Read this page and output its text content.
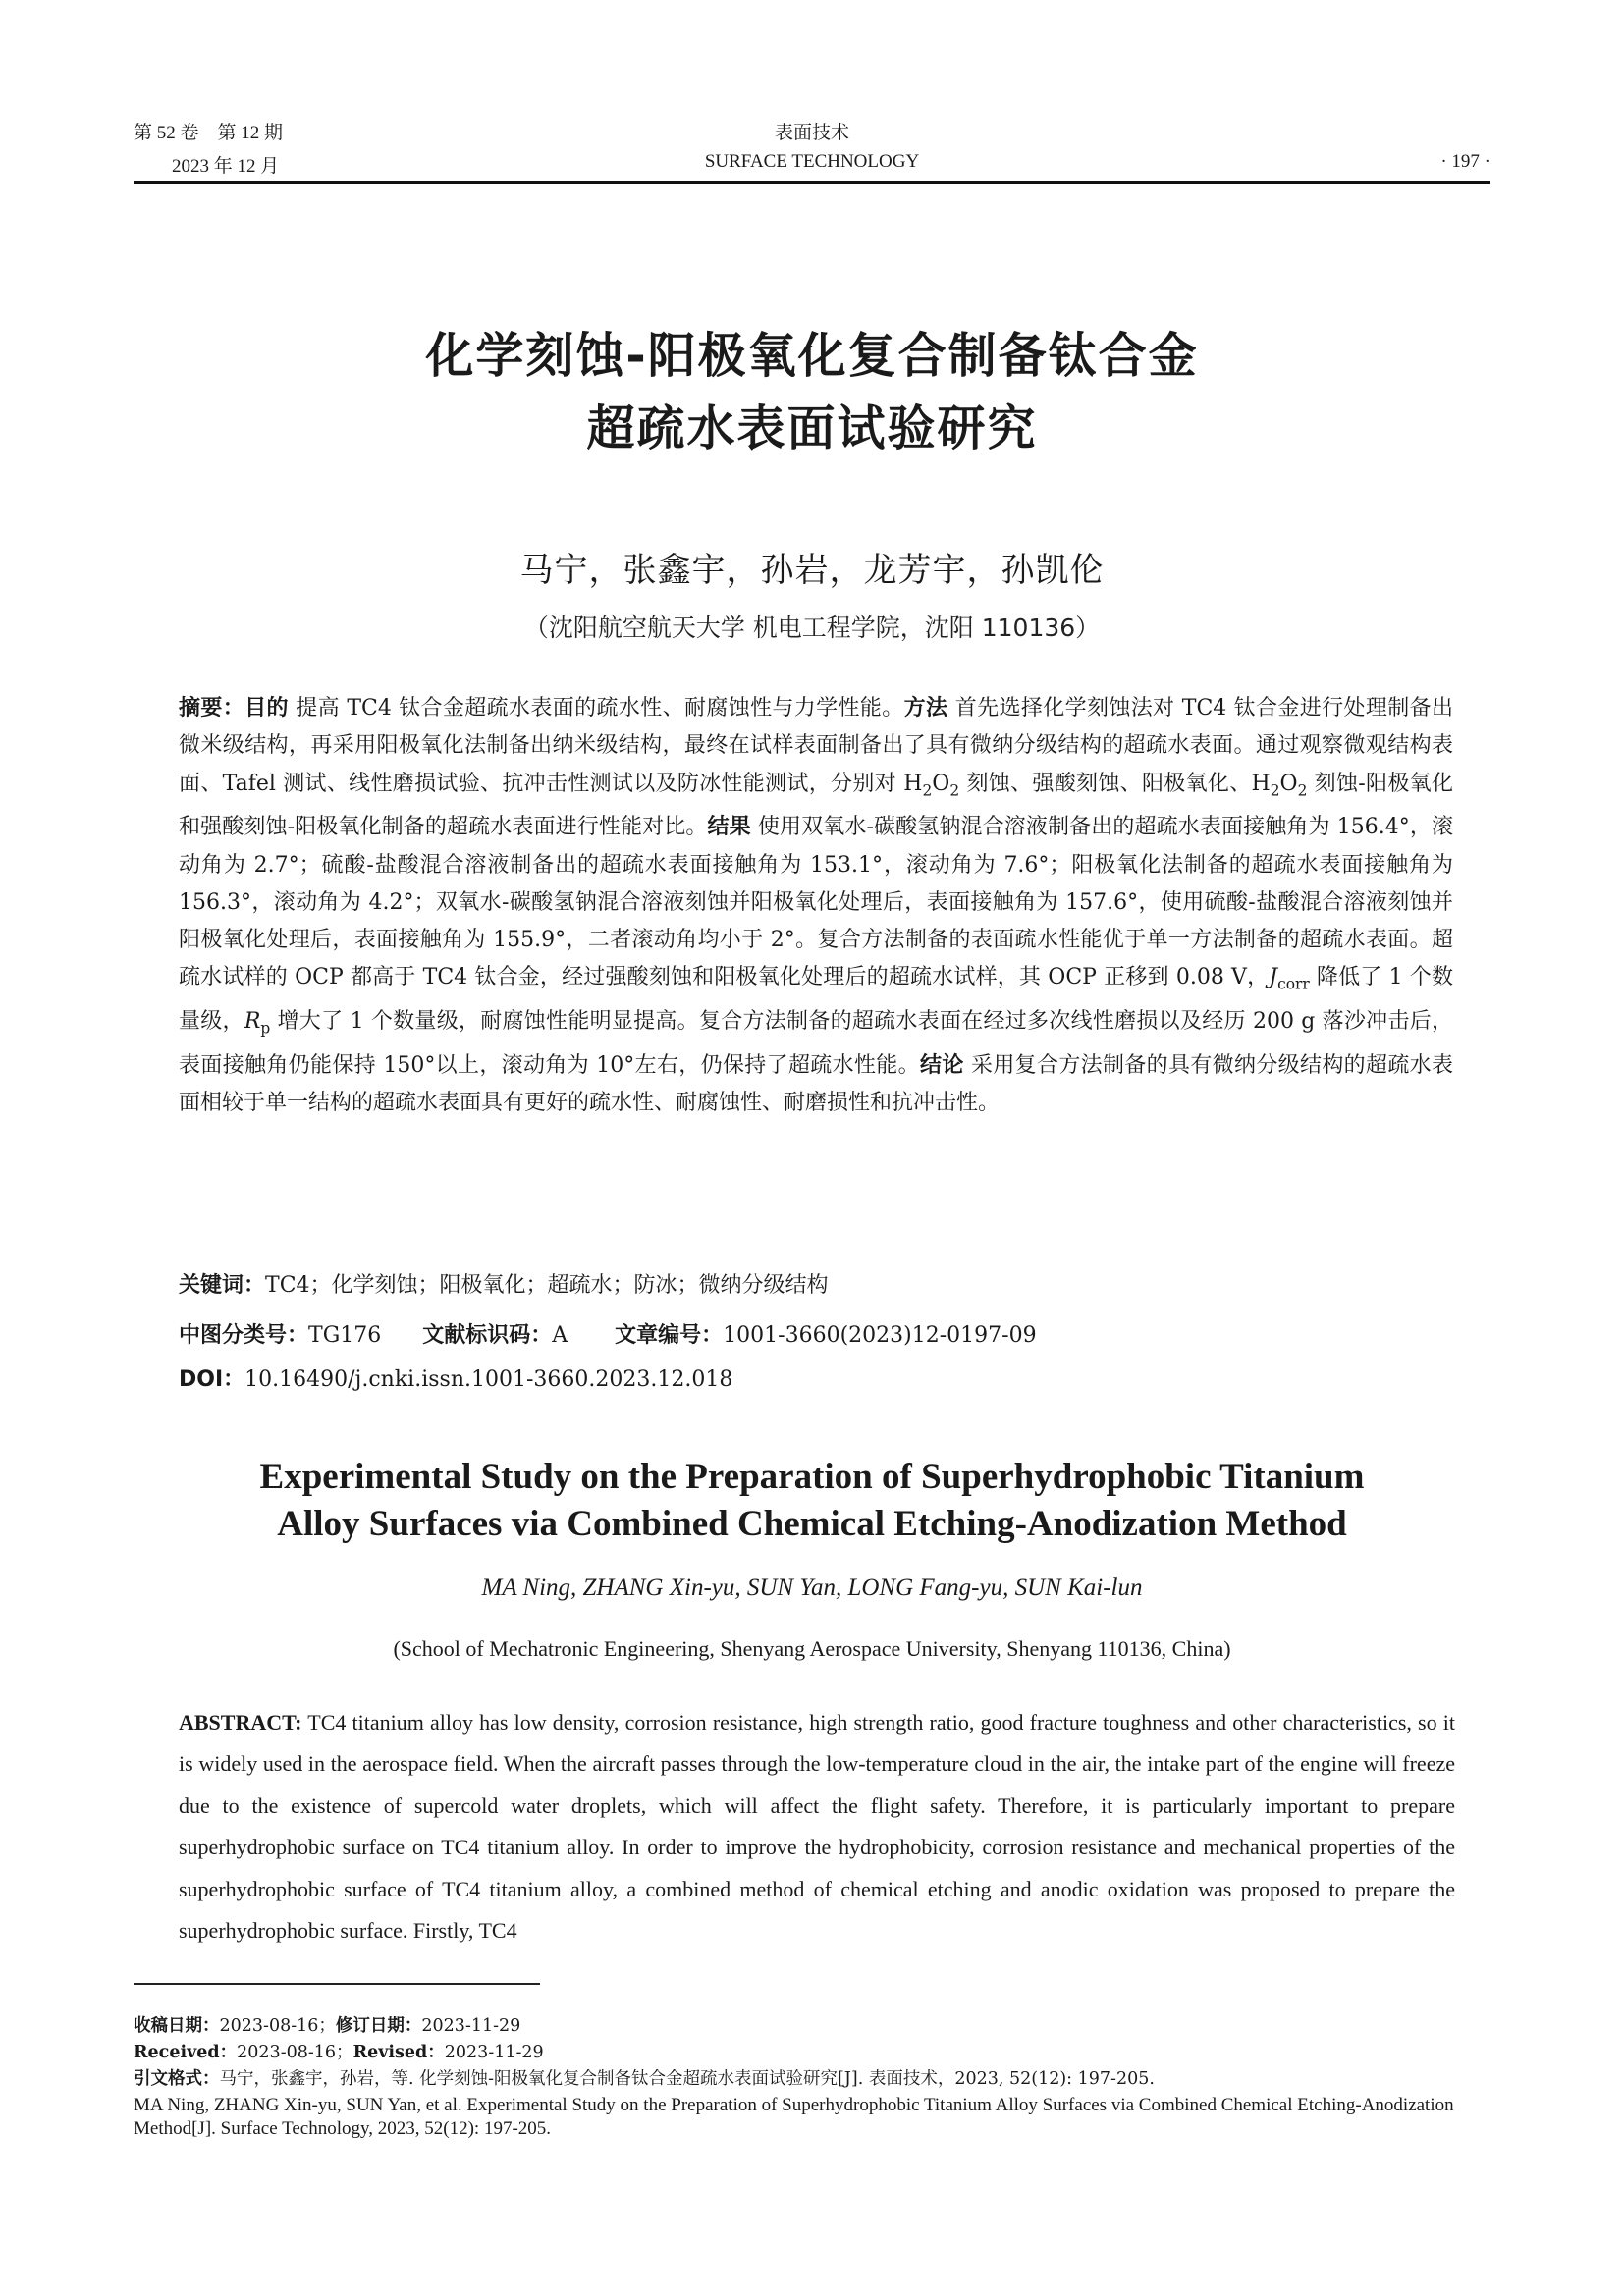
第 52 卷　第 12 期
2023 年 12 月
表面技术
SURFACE TECHNOLOGY	· 197 ·
化学刻蚀-阳极氧化复合制备钛合金
超疏水表面试验研究
马宁，张鑫宇，孙岩，龙芳宇，孙凯伦
（沈阳航空航天大学 机电工程学院，沈阳 110136）
摘要：目的 提高 TC4 钛合金超疏水表面的疏水性、耐腐蚀性与力学性能。方法 首先选择化学刻蚀法对 TC4 钛合金进行处理制备出微米级结构，再采用阳极氧化法制备出纳米级结构，最终在试样表面制备出了具有微纳分级结构的超疏水表面。通过观察微观结构表面、Tafel 测试、线性磨损试验、抗冲击性测试以及防冰性能测试，分别对 $H_2O_2$ 刻蚀、强酸刻蚀、阳极氧化、$H_2O_2$ 刻蚀-阳极氧化和强酸刻蚀-阳极氧化制备的超疏水表面进行性能对比。结果 使用双氧水-碳酸氢钠混合溶液制备出的超疏水表面接触角为 156.4°，滚动角为 2.7°；硫酸-盐酸混合溶液制备出的超疏水表面接触角为 153.1°，滚动角为 7.6°；阳极氧化法制备的超疏水表面接触角为 156.3°，滚动角为 4.2°；双氧水-碳酸氢钠混合溶液刻蚀并阳极氧化处理后，表面接触角为 157.6°，使用硫酸-盐酸混合溶液刻蚀并阳极氧化处理后，表面接触角为 155.9°，二者滚动角均小于 2°。复合方法制备的表面疏水性能优于单一方法制备的超疏水表面。超疏水试样的 OCP 都高于 TC4 钛合金，经过强酸刻蚀和阳极氧化处理后的超疏水试样，其 OCP 正移到 0.08 V，$J_{corr}$ 降低了 1 个数量级，$R_p$ 增大了 1 个数量级，耐腐蚀性能明显提高。复合方法制备的超疏水表面在经过多次线性磨损以及经历 200 g 落沙冲击后，表面接触角仍能保持 150°以上，滚动角为 10°左右，仍保持了超疏水性能。结论 采用复合方法制备的具有微纳分级结构的超疏水表面相较于单一结构的超疏水表面具有更好的疏水性、耐腐蚀性、耐磨损性和抗冲击性。
关键词：TC4；化学刻蚀；阳极氧化；超疏水；防冰；微纳分级结构
中图分类号：TG176 文献标识码：A 文章编号：1001-3660(2023)12-0197-09
DOI：10.16490/j.cnki.issn.1001-3660.2023.12.018
Experimental Study on the Preparation of Superhydrophobic Titanium
Alloy Surfaces via Combined Chemical Etching-Anodization Method
MA Ning, ZHANG Xin-yu, SUN Yan, LONG Fang-yu, SUN Kai-lun
(School of Mechatronic Engineering, Shenyang Aerospace University, Shenyang 110136, China)
ABSTRACT: TC4 titanium alloy has low density, corrosion resistance, high strength ratio, good fracture toughness and other characteristics, so it is widely used in the aerospace field. When the aircraft passes through the low-temperature cloud in the air, the intake part of the engine will freeze due to the existence of supercold water droplets, which will affect the flight safety. Therefore, it is particularly important to prepare superhydrophobic surface on TC4 titanium alloy. In order to improve the hydrophobicity, corrosion resistance and mechanical properties of the superhydrophobic surface of TC4 titanium alloy, a combined method of chemical etching and anodic oxidation was proposed to prepare the superhydrophobic surface. Firstly, TC4
收稿日期：2023-08-16；修订日期：2023-11-29
Received：2023-08-16；Revised：2023-11-29
引文格式：马宁，张鑫宇，孙岩，等. 化学刻蚀-阳极氧化复合制备钛合金超疏水表面试验研究[J]. 表面技术，2023, 52(12): 197-205.
MA Ning, ZHANG Xin-yu, SUN Yan, et al. Experimental Study on the Preparation of Superhydrophobic Titanium Alloy Surfaces via Combined Chemical Etching-Anodization Method[J]. Surface Technology, 2023, 52(12): 197-205.
